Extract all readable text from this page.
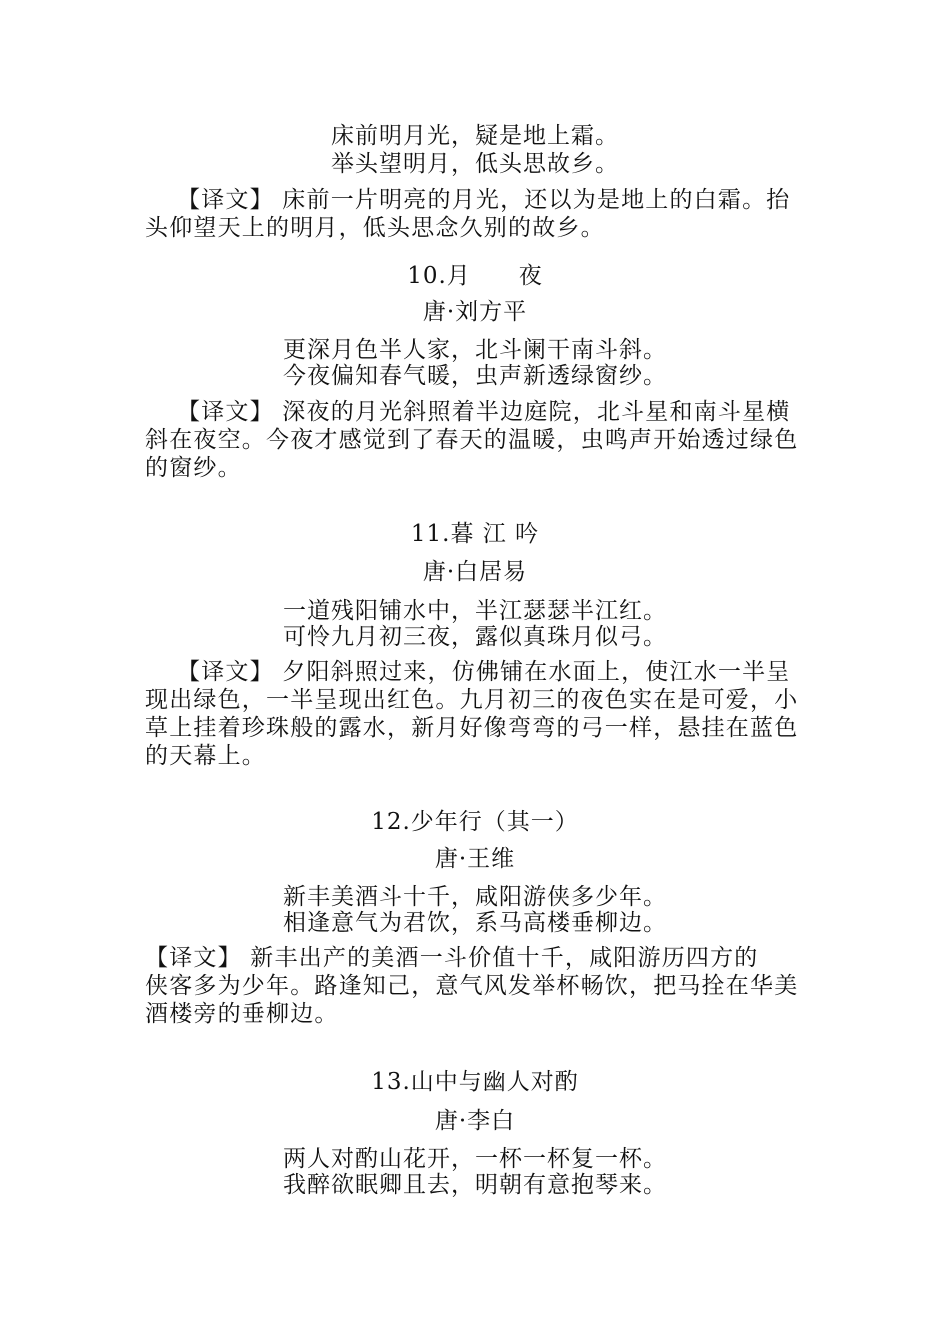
床前明月光，疑是地上霜。
举头望明月，低头思故乡。
【译文】 床前一片明亮的月光，还以为是地上的白霜。抬头仰望天上的明月，低头思念久别的故乡。
10.月　　夜
唐·刘方平
更深月色半人家，北斗阑干南斗斜。
今夜偏知春气暖，虫声新透绿窗纱。
【译文】 深夜的月光斜照着半边庭院，北斗星和南斗星横斜在夜空。今夜才感觉到了春天的温暖，虫鸣声开始透过绿色的窗纱。
11.暮 江 吟
唐·白居易
一道残阳铺水中，半江瑟瑟半江红。
可怜九月初三夜，露似真珠月似弓。
【译文】 夕阳斜照过来，仿佛铺在水面上，使江水一半呈现出绿色，一半呈现出红色。九月初三的夜色实在是可爱，小草上挂着珍珠般的露水，新月好像弯弯的弓一样，悬挂在蓝色的天幕上。
12.少年行（其一）
唐·王维
新丰美酒斗十千，咸阳游侠多少年。
相逢意气为君饮，系马高楼垂柳边。
【译文】 新丰出产的美酒一斗价值十千，咸阳游历四方的
侠客多为少年。路逢知己，意气风发举杯畅饮，把马拴在华美酒楼旁的垂柳边。
13.山中与幽人对酌
唐·李白
两人对酌山花开，一杯一杯复一杯。
我醉欲眠卿且去，明朝有意抱琴来。
